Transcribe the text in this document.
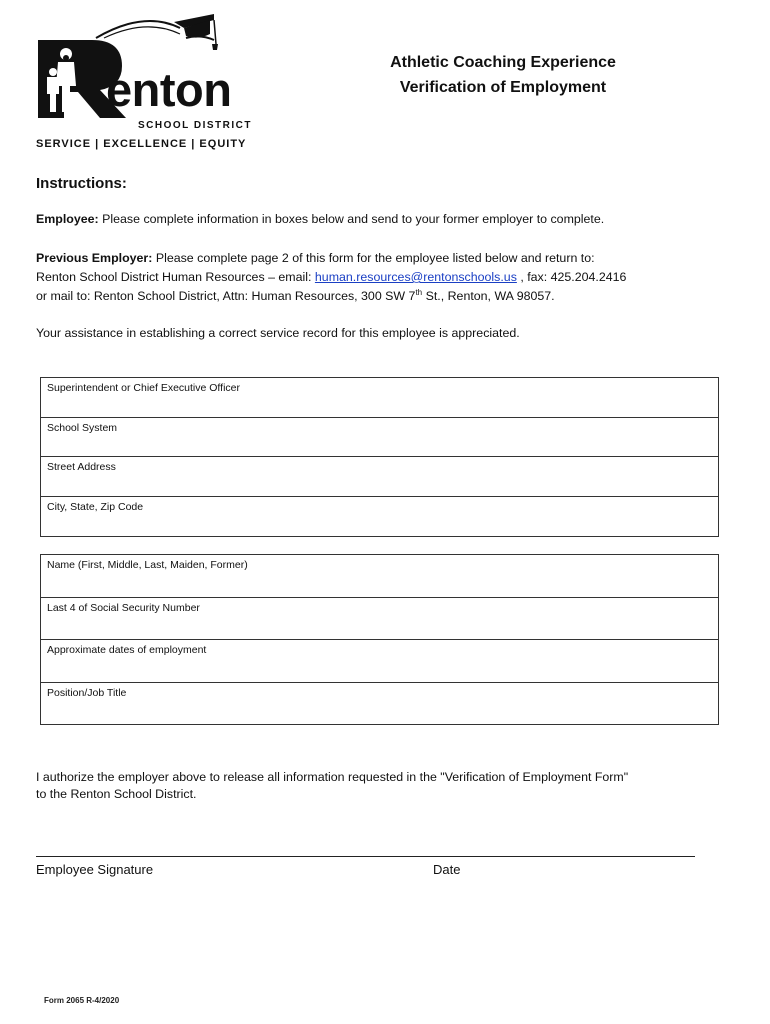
enton
SCHOOL DISTRICT
SERVICE | EXCELLENCE | EQUITY
Athletic Coaching Experience
Verification of Employment
Instructions:
Employee: Please complete information in boxes below and send to your former employer to complete.
Previous Employer: Please complete page 2 of this form for the employee listed below and return to:
Renton School District Human Resources – email: human.resources@rentonschools.us , fax: 425.204.2416
or mail to: Renton School District, Attn: Human Resources, 300 SW 7th St., Renton, WA 98057.
Your assistance in establishing a correct service record for this employee is appreciated.
Superintendent or Chief Executive Officer
School System
Street Address
City, State, Zip Code
Name (First, Middle, Last, Maiden, Former)
Last 4 of Social Security Number
Approximate dates of employment
Position/Job Title
I authorize the employer above to release all information requested in the "Verification of Employment Form"
to the Renton School District.
Employee Signature	Date
Form 2065 R-4/2020
